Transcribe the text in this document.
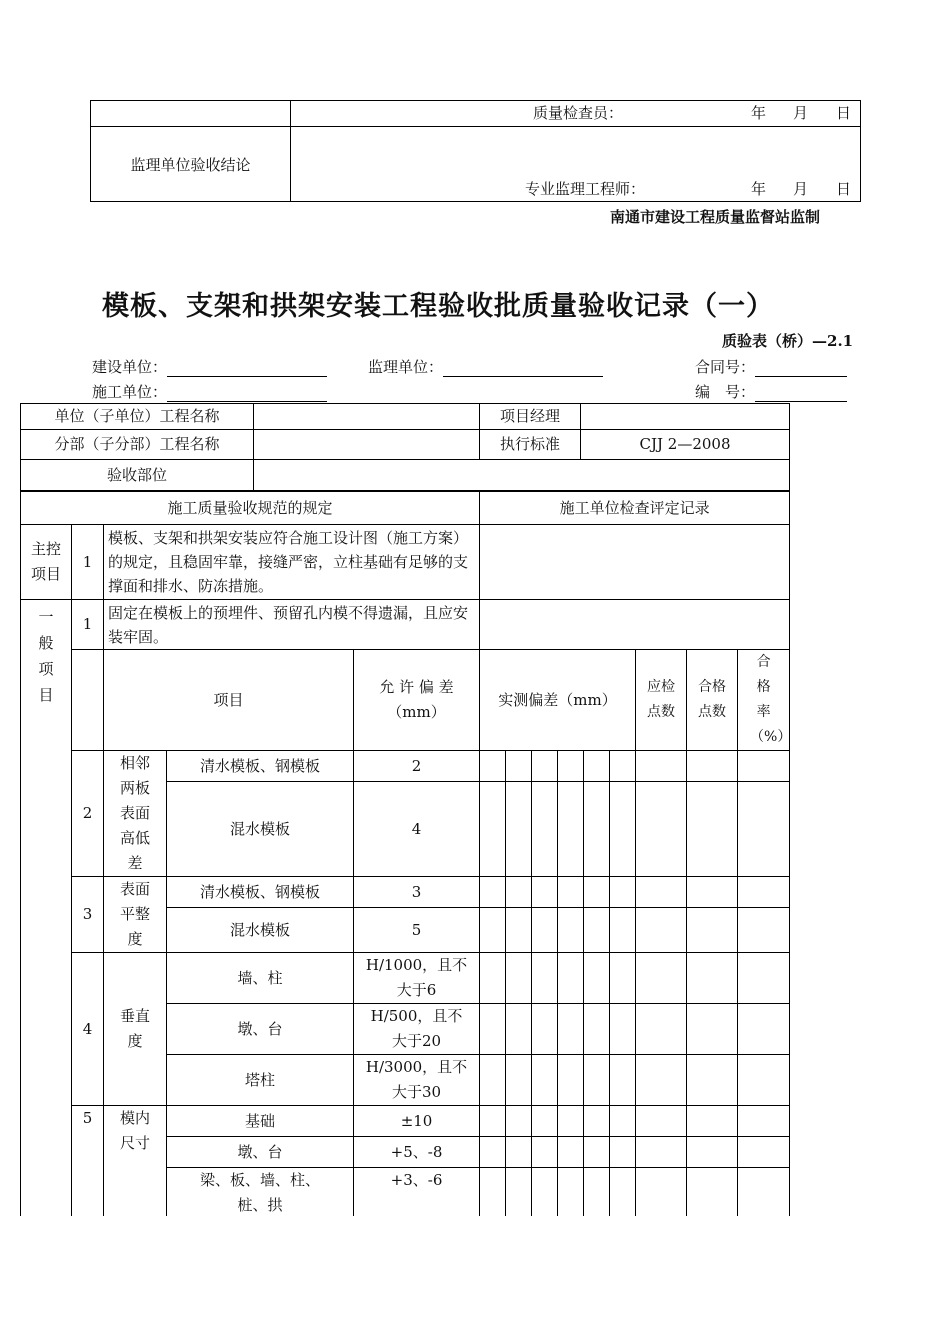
	质量检查员： 年 月 日

监理单位验收结论	专业监理工程师： 年 月 日
南通市建设工程质量监督站监制
模板、支架和拱架安装工程验收批质量验收记录（一）
质验表（桥）—2.1
建设单位：	监理单位：	合同号：
施工单位：	编　号：
单位（子单位）工程名称		项目经理	
分部（子分部）工程名称		执行标准	CJJ 2—2008
验收部位			
施工质量验收规范的规定					施工单位检查评定记录								
主控项目	1	模板、支架和拱架安装应符合施工设计图（施工方案）的规定，且稳固牢靠，接缝严密，立柱基础有足够的支撑面和排水、防冻措施。											
一般项目	1	固定在模板上的预埋件、预留孔内模不得遗漏，且应安装牢固。											
		项目		允 许 偏 差（mm）	实测偏差（mm）						应检点数	合格点数	合格率（%）
	2	相邻两板表面高低差	清水模板、钢模板	2									
			混水模板	4									
	3	表面平整度	清水模板、钢模板	3									
			混水模板	5									
	4	垂直度	墙、柱	H/1000，且不大于6									
			墩、台	H/500，且不大于20									
			塔柱	H/3000，且不大于30									
	5	模内尺寸	基础	±10									
			墩、台	+5、-8									
			梁、板、墙、柱、桩、拱	+3、-6									
